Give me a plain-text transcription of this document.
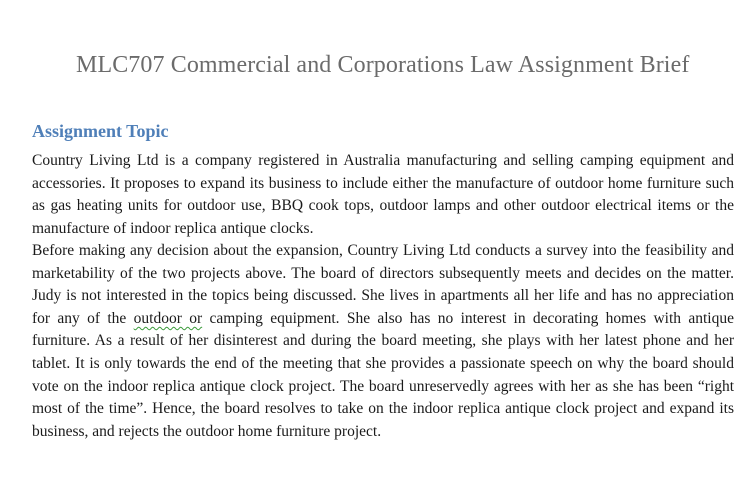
MLC707 Commercial and Corporations Law Assignment Brief
Assignment Topic

Country Living Ltd is a company registered in Australia manufacturing and selling camping equipment and accessories. It proposes to expand its business to include either the manufacture of outdoor home furniture such as gas heating units for outdoor use, BBQ cook tops, outdoor lamps and other outdoor electrical items or the manufacture of indoor replica antique clocks.

Before making any decision about the expansion, Country Living Ltd conducts a survey into the feasibility and marketability of the two projects above. The board of directors subsequently meets and decides on the matter. Judy is not interested in the topics being discussed. She lives in apartments all her life and has no appreciation for any of the outdoor or camping equipment. She also has no interest in decorating homes with antique furniture. As a result of her disinterest and during the board meeting, she plays with her latest phone and her tablet. It is only towards the end of the meeting that she provides a passionate speech on why the board should vote on the indoor replica antique clock project. The board unreservedly agrees with her as she has been “right most of the time”. Hence, the board resolves to take on the indoor replica antique clock project and expand its business, and rejects the outdoor home furniture project.
